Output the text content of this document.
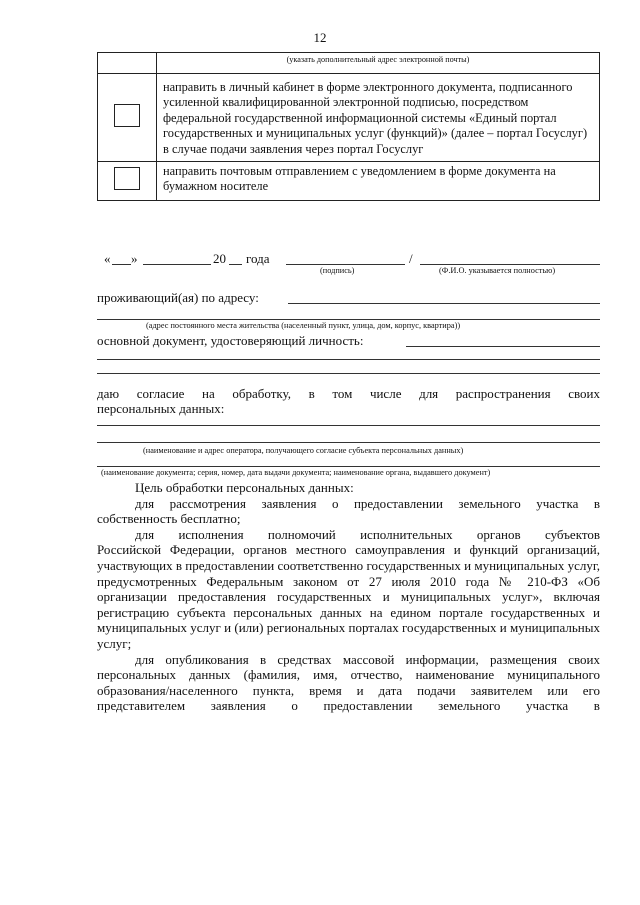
12
	(указать дополнительный адрес электронной почты)
	направить в личный кабинет в форме электронного документа, подписанного усиленной квалифицированной электронной подписью, посредством федеральной государственной информационной системы «Единый портал государственных и муниципальных услуг (функций)» (далее – портал Госуслуг) в случае подачи заявления через портал Госуслуг
	направить почтовым отправлением с уведомлением в форме документа на бумажном носителе
« »	20 года	/
(подпись)	(Ф.И.О. указывается полностью)
проживающий(ая) по адресу:
(адрес постоянного места жительства (населенный пункт, улица, дом, корпус, квартира))
основной документ, удостоверяющий личность:
даю согласие на обработку, в том числе для распространения своих
персональных данных:
(наименование и адрес оператора, получающего согласие субъекта персональных данных)
(наименование документа; серия, номер, дата выдачи документа; наименование органа, выдавшего документ)
Цель обработки персональных данных:
для рассмотрения заявления о предоставлении земельного участка в
собственность бесплатно;
для исполнения полномочий исполнительных органов субъектов
Российской Федерации, органов местного самоуправления и функций организаций, участвующих в предоставлении соответственно государственных и муниципальных услуг, предусмотренных Федеральным законом от 27 июля 2010 года № 210-ФЗ «Об организации предоставления государственных и муниципальных услуг», включая регистрацию субъекта персональных данных на едином портале государственных и муниципальных услуг и (или) региональных порталах государственных и муниципальных услуг;
для опубликования в средствах массовой информации, размещения своих
персональных данных (фамилия, имя, отчество, наименование муниципального образования/населенного пункта, время и дата подачи заявителем или его
представителем заявления о предоставлении земельного участка в
